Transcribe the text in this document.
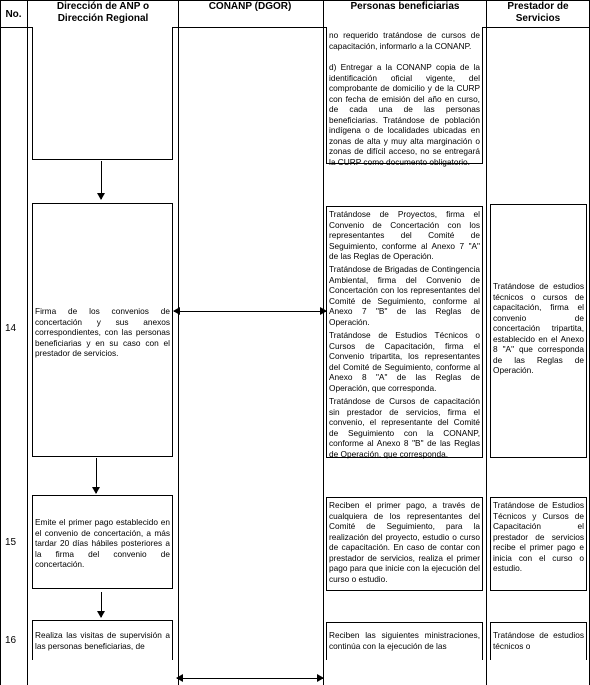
No.
Dirección de ANP o Dirección Regional
CONANP (DGOR)	Personas beneficiarias	Prestador de Servicios
no requerido tratándose de cursos de capacitación, informarlo a la CONANP.
d) Entregar a la CONANP copia de la identificación oficial vigente, del comprobante de domicilio y de la CURP con fecha de emisión del año en curso, de cada una de las personas beneficiarias. Tratándose de población indígena o de localidades ubicadas en zonas de alta y muy alta marginación o zonas de difícil acceso, no se entregará la CURP como documento obligatorio.
14
Firma de los convenios de concertación y sus anexos correspondientes, con las personas beneficiarias y en su caso con el prestador de servicios.
Tratándose de Proyectos, firma el Convenio de Concertación con los representantes del Comité de Seguimiento, conforme al Anexo 7 "A" de las Reglas de Operación.
Tratándose de Brigadas de Contingencia Ambiental, firma del Convenio de Concertación con los representantes del Comité de Seguimiento, conforme al Anexo 7 "B" de las Reglas de Operación.
Tratándose de Estudios Técnicos o Cursos de Capacitación, firma el Convenio tripartita, los representantes del Comité de Seguimiento, conforme al Anexo 8 "A" de las Reglas de Operación, que corresponda.
Tratándose de Cursos de capacitación sin prestador de servicios, firma el convenio, el representante del Comité de Seguimiento con la CONANP, conforme al Anexo 8 "B" de las Reglas de Operación, que corresponda.
Tratándose de estudios técnicos o cursos de capacitación, firma el convenio de concertación tripartita, establecido en el Anexo 8 "A" que corresponda de las Reglas de Operación.
15
Emite el primer pago establecido en el convenio de concertación, a más tardar 20 días hábiles posteriores a la firma del convenio de concertación.
Reciben el primer pago, a través de cualquiera de los representantes del Comité de Seguimiento, para la realización del proyecto, estudio o curso de capacitación. En caso de contar con prestador de servicios, realiza el primer pago para que inicie con la ejecución del curso o estudio.
Tratándose de Estudios Técnicos y Cursos de Capacitación el prestador de servicios recibe el primer pago e inicia con el curso o estudio.
16 Realiza las visitas de supervisión a las personas beneficiarias, de
Reciben las siguientes ministraciones, continúa con la ejecución de las
Tratándose de estudios técnicos o
